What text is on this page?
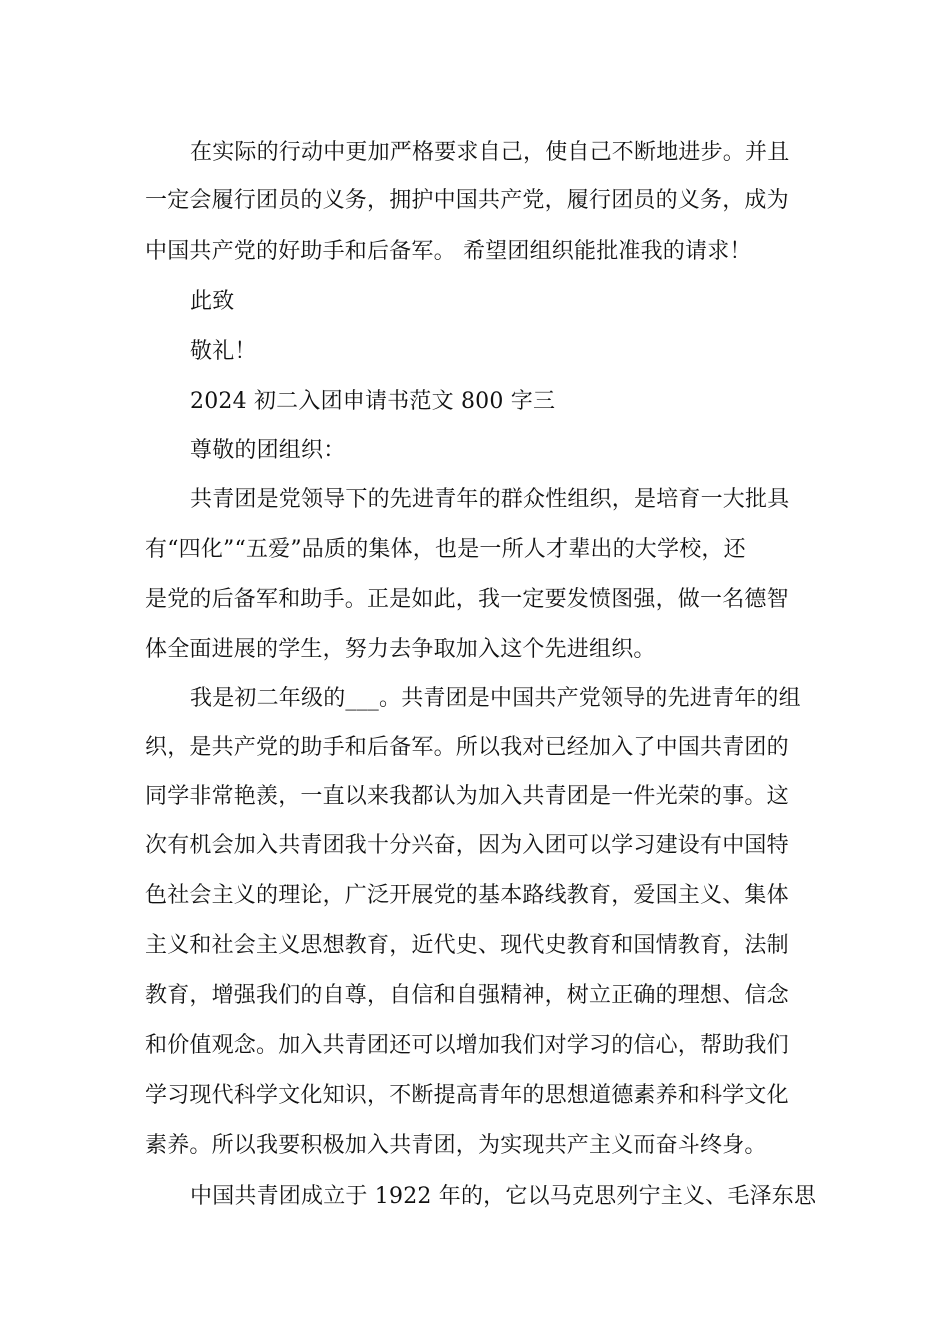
在实际的行动中更加严格要求自己，使自己不断地进步。并且
一定会履行团员的义务，拥护中国共产党，履行团员的义务，成为
中国共产党的好助手和后备军。 希望团组织能批准我的请求！
此致
敬礼！
2024 初二入团申请书范文 800 字三
尊敬的团组织：
共青团是党领导下的先进青年的群众性组织，是培育一大批具
有“四化”“五爱”品质的集体，也是一所人才辈出的大学校，还
是党的后备军和助手。正是如此，我一定要发愤图强，做一名德智
体全面进展的学生，努力去争取加入这个先进组织。
我是初二年级的___。共青团是中国共产党领导的先进青年的组
织，是共产党的助手和后备军。所以我对已经加入了中国共青团的
同学非常艳羡，一直以来我都认为加入共青团是一件光荣的事。这
次有机会加入共青团我十分兴奋，因为入团可以学习建设有中国特
色社会主义的理论，广泛开展党的基本路线教育，爱国主义、集体
主义和社会主义思想教育，近代史、现代史教育和国情教育，法制
教育，增强我们的自尊，自信和自强精神，树立正确的理想、信念
和价值观念。加入共青团还可以增加我们对学习的信心，帮助我们
学习现代科学文化知识，不断提高青年的思想道德素养和科学文化
素养。所以我要积极加入共青团，为实现共产主义而奋斗终身。
中国共青团成立于 1922 年的，它以马克思列宁主义、毛泽东思
